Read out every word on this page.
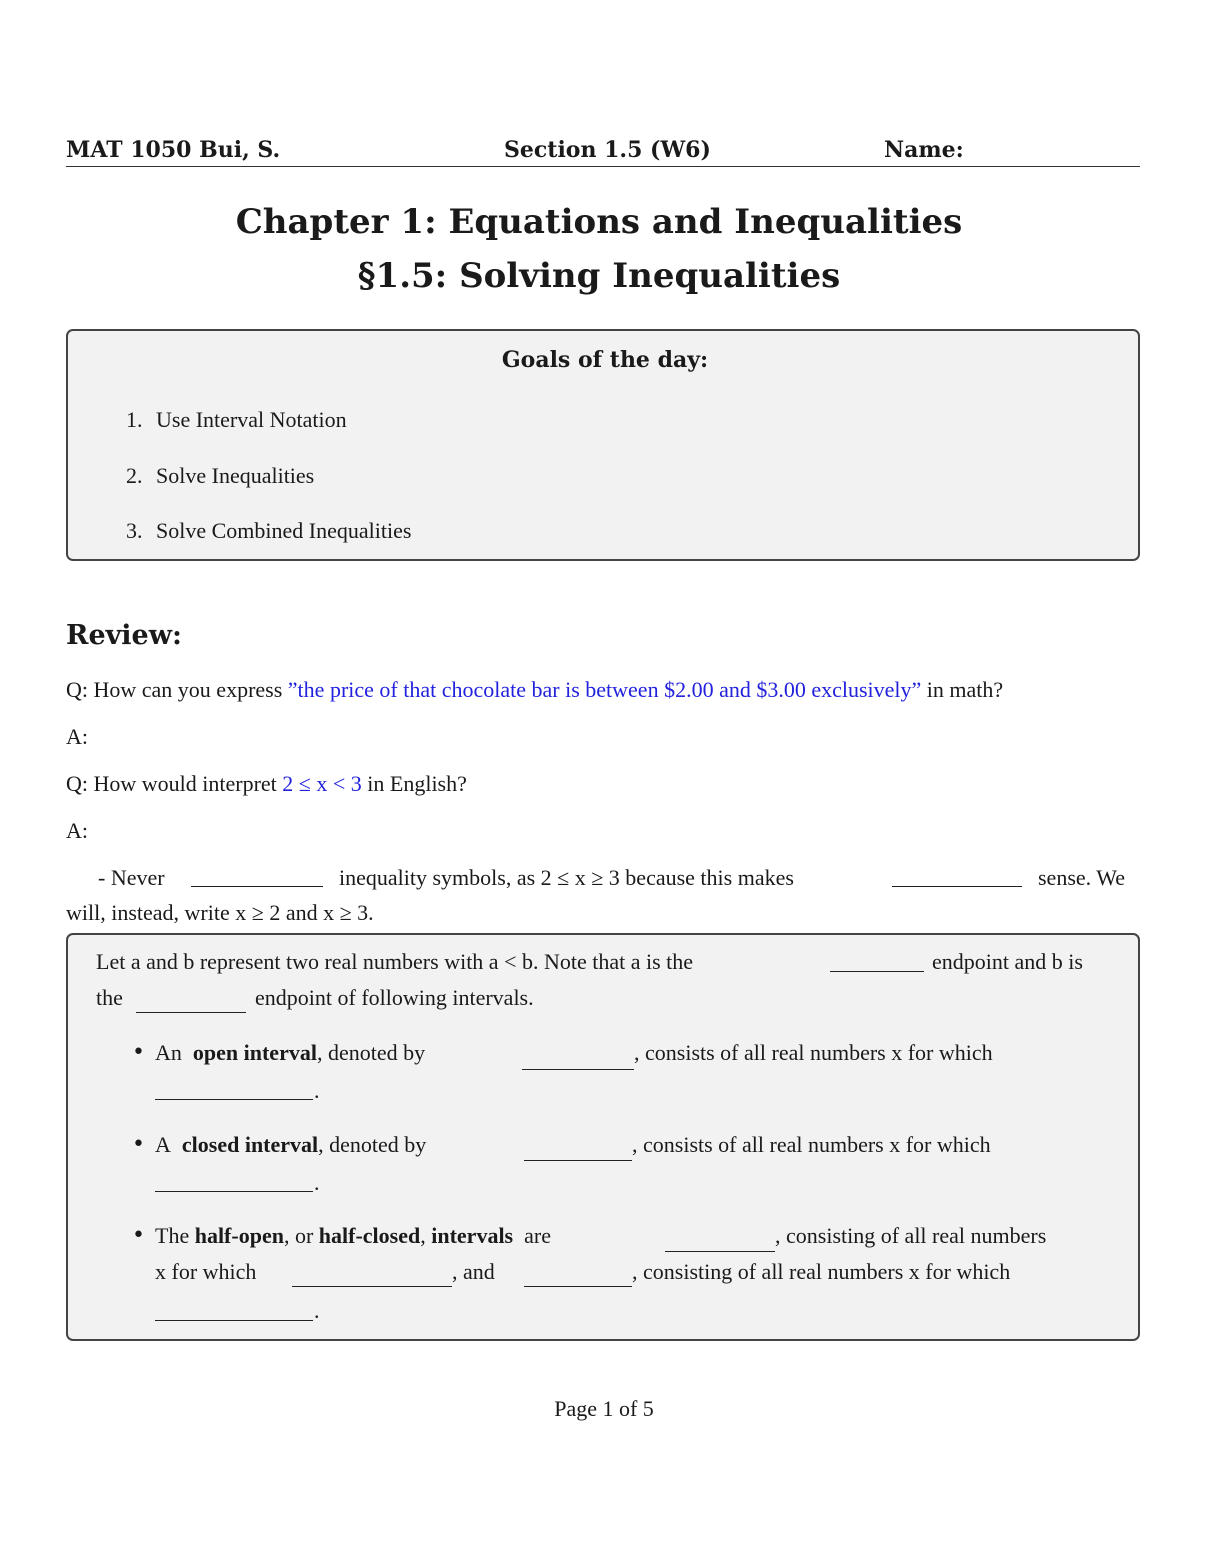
MAT 1050 Bui, S.	Section 1.5 (W6)	Name:
Chapter 1: Equations and Inequalities
§1.5: Solving Inequalities
Goals of the day:
1. Use Interval Notation
2. Solve Inequalities
3. Solve Combined Inequalities
Review:
Q: How can you express ”the price of that chocolate bar is between $2.00 and $3.00 exclusively” in math?
A:
Q: How would interpret 2 ≤ x < 3 in English?
A:
- Never	inequality symbols, as 2 ≤ x ≥ 3 because this makes	sense. We
will, instead, write x ≥ 2 and x ≥ 3.
Let a and b represent two real numbers with a < b. Note that a is the	endpoint and b is
the	endpoint of following intervals.
• An open interval, denoted by	, consists of all real numbers x for which
.
• A closed interval, denoted by	, consists of all real numbers x for which
.
• The half-open, or half-closed, intervals are	, consisting of all real numbers
x for which	, and	, consisting of all real numbers x for which
.
Page 1 of 5
